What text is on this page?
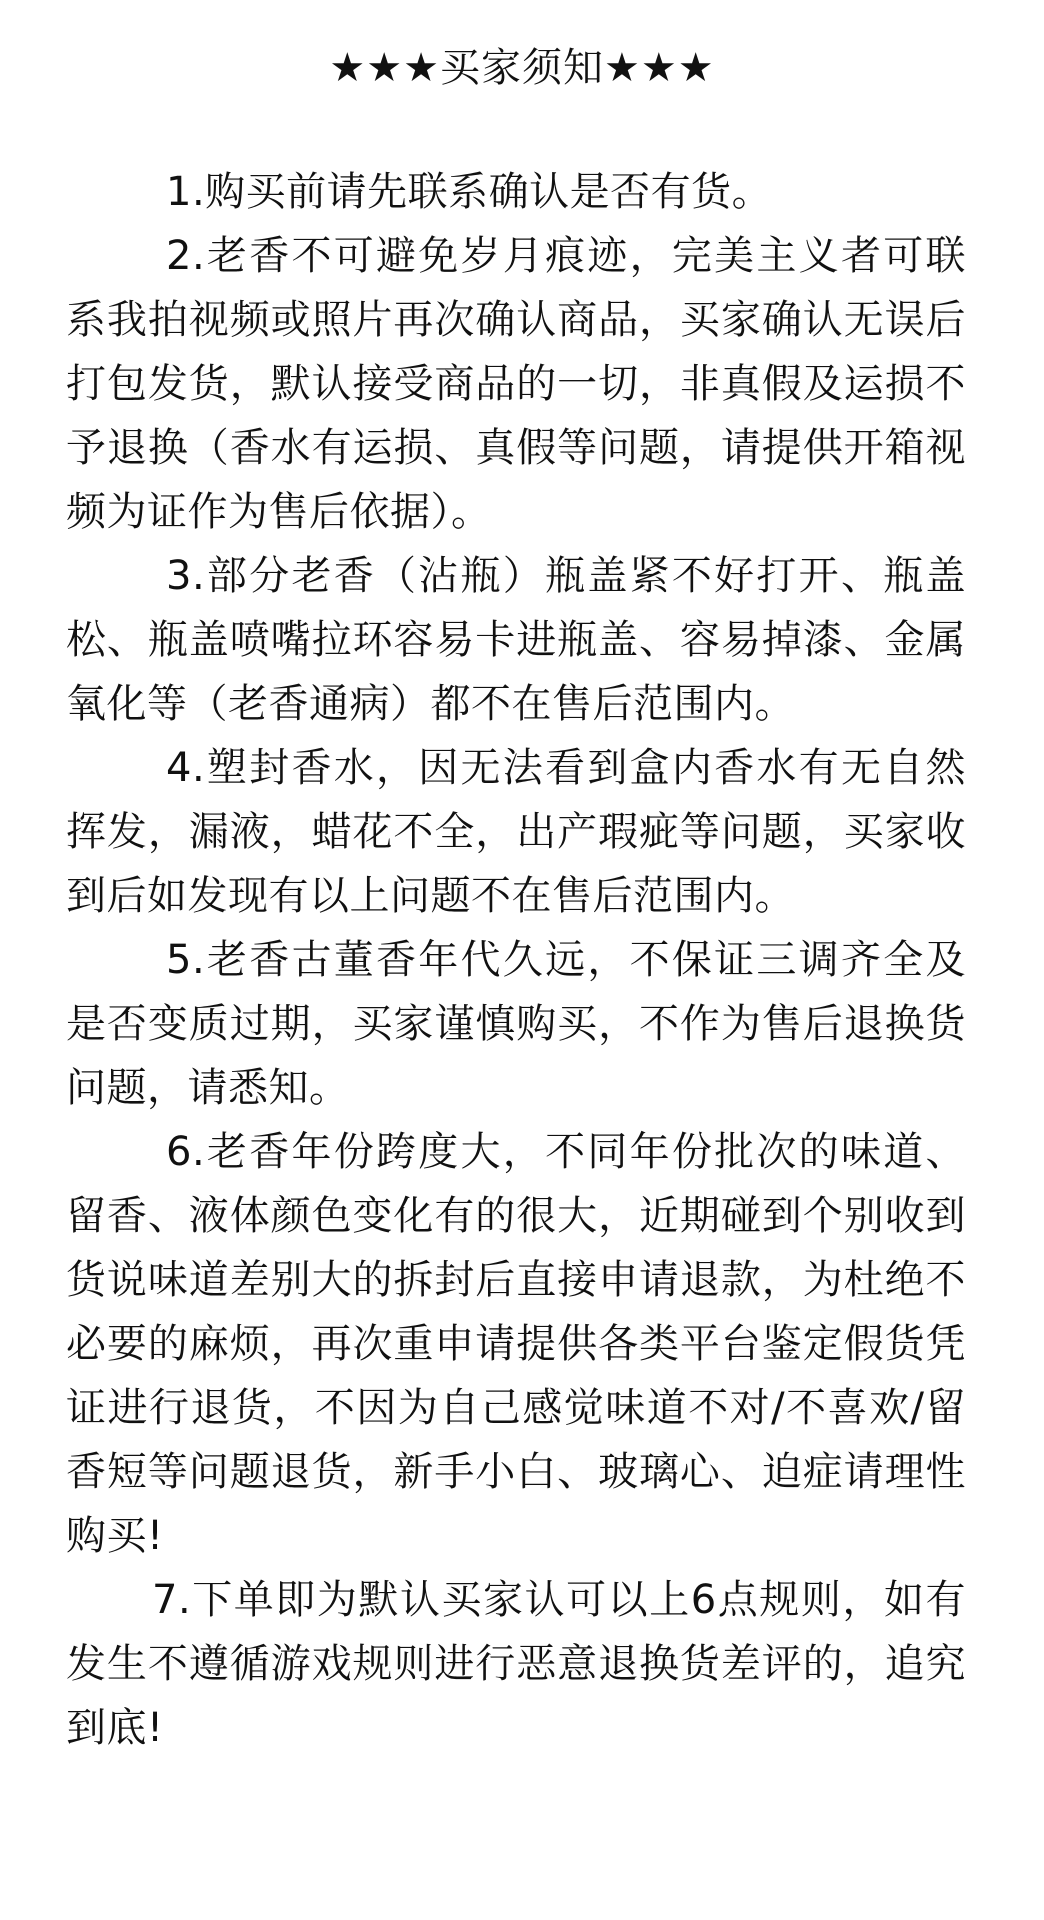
★★★买家须知★★★

1.购买前请先联系确认是否有货。

2.老香不可避免岁月痕迹，完美主义者可联系我拍视频或照片再次确认商品，买家确认无误后打包发货，默认接受商品的一切，非真假及运损不予退换（香水有运损、真假等问题，请提供开箱视频为证作为售后依据）。

3.部分老香（沾瓶）瓶盖紧不好打开、瓶盖松、瓶盖喷嘴拉环容易卡进瓶盖、容易掉漆、金属氧化等（老香通病）都不在售后范围内。

4.塑封香水，因无法看到盒内香水有无自然挥发，漏液，蜡花不全，出产瑕疵等问题，买家收到后如发现有以上问题不在售后范围内。

5.老香古董香年代久远，不保证三调齐全及是否变质过期，买家谨慎购买，不作为售后退换货问题，请悉知。

6.老香年份跨度大，不同年份批次的味道、留香、液体颜色变化有的很大，近期碰到个别收到货说味道差别大的拆封后直接申请退款，为杜绝不必要的麻烦，再次重申请提供各类平台鉴定假货凭证进行退货，不因为自己感觉味道不对/不喜欢/留香短等问题退货，新手小白、玻璃心、迫症请理性购买!

7.下单即为默认买家认可以上6点规则，如有发生不遵循游戏规则进行恶意退换货差评的，追究到底!
